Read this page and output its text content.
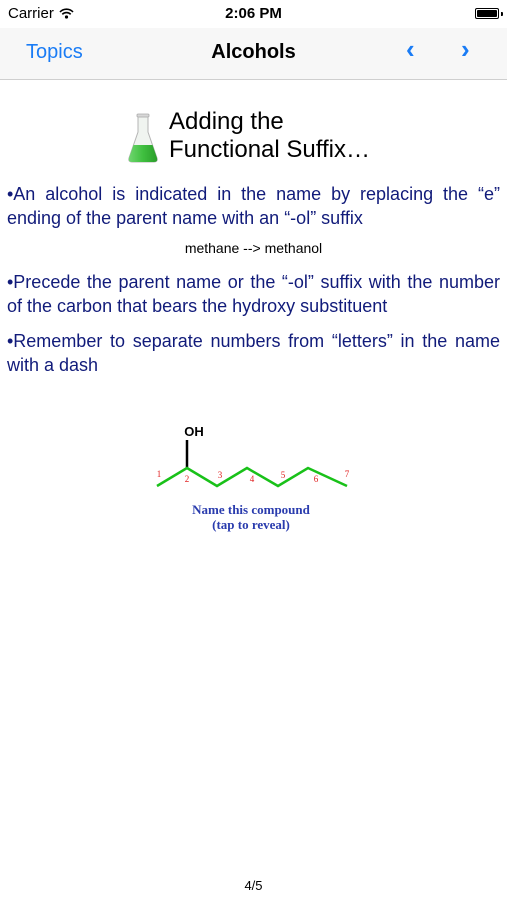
Carrier	2:06 PM
Topics	Alcohols	‹ ›
Adding the
Functional Suffix…
•An alcohol is indicated in the name by replacing the “e” ending of the parent name with an “-ol” suffix
methane --> methanol
•Precede the parent name or the “-ol” suffix with the number of the carbon that bears the hydroxy substituent
•Remember to separate numbers from “letters” in the name with a dash
OH
1	2	3	4	5	6	7
Name this compound
(tap to reveal)
4/5
